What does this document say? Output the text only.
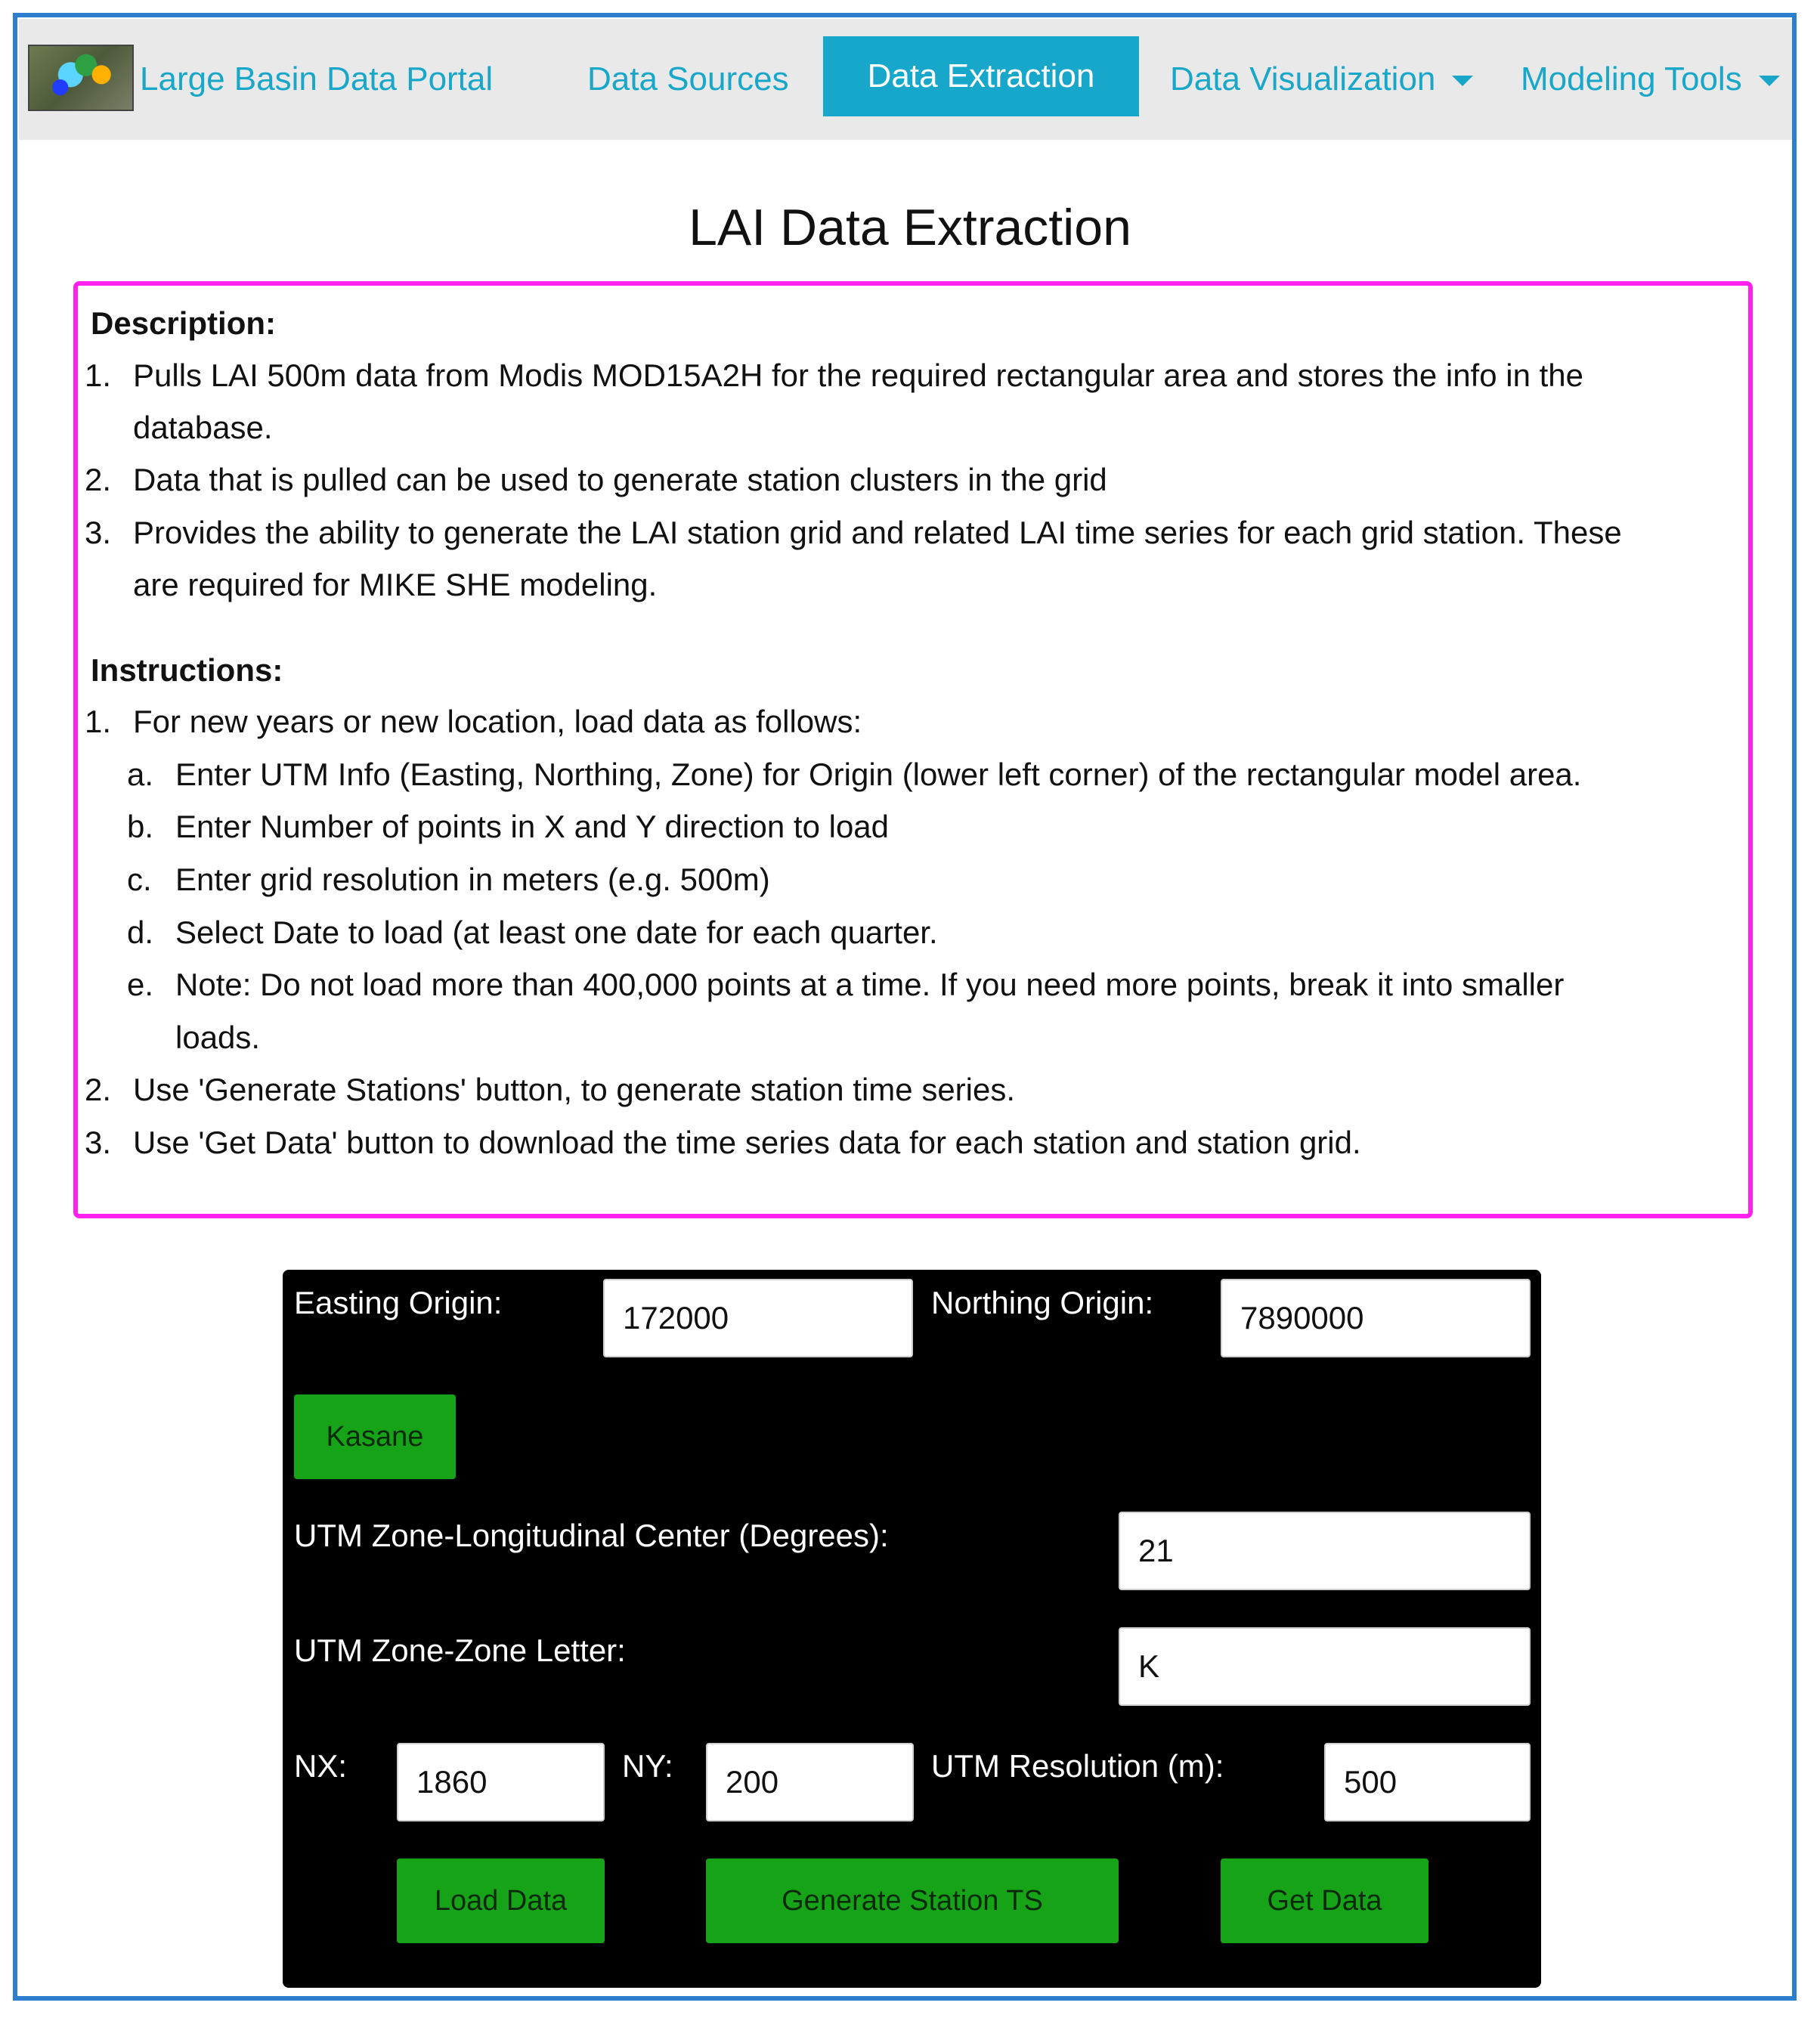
Large Basin Data Portal	Data Sources	Data Extraction	Data Visualization	Modeling Tools
LAI Data Extraction
Description:
1. Pulls LAI 500m data from Modis MOD15A2H for the required rectangular area and stores the info in the
database.
2. Data that is pulled can be used to generate station clusters in the grid
3. Provides the ability to generate the LAI station grid and related LAI time series for each grid station. These
are required for MIKE SHE modeling.
Instructions:
1. For new years or new location, load data as follows:
a. Enter UTM Info (Easting, Northing, Zone) for Origin (lower left corner) of the rectangular model area.
b. Enter Number of points in X and Y direction to load
c. Enter grid resolution in meters (e.g. 500m)
d. Select Date to load (at least one date for each quarter.
e. Note: Do not load more than 400,000 points at a time. If you need more points, break it into smaller
loads.
2. Use 'Generate Stations' button, to generate station time series.
3. Use 'Get Data' button to download the time series data for each station and station grid.
Easting Origin:
172000	Northing Origin:
7890000
Kasane
UTM Zone-Longitudinal Center (Degrees):
21
UTM Zone-Zone Letter:
K
NX:
1860	NY:
200	UTM Resolution (m):
500
Load Data	Generate Station TS	Get Data
